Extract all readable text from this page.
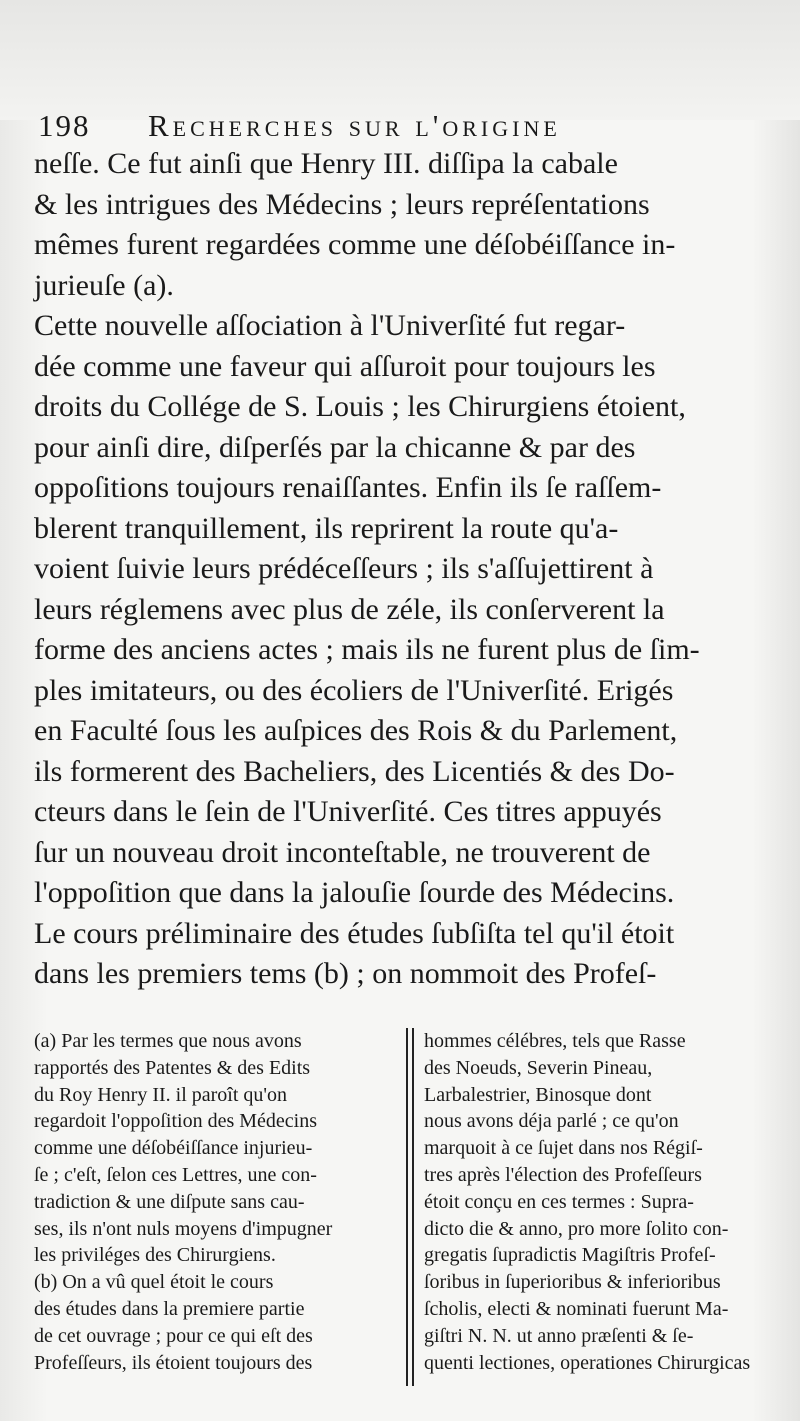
198 Recherches sur l'origine
neſſe. Ce fut ainſi que Henry III. diſſipa la cabale
& les intrigues des Médecins ; leurs repréſentations
mêmes furent regardées comme une déſobéiſſance in-
jurieuſe (a).
Cette nouvelle aſſociation à l'Univerſité fut regar-
dée comme une faveur qui aſſuroit pour toujours les
droits du Collége de S. Louis ; les Chirurgiens étoient,
pour ainſi dire, diſperſés par la chicanne & par des
oppoſitions toujours renaiſſantes. Enfin ils ſe raſſem-
blerent tranquillement, ils reprirent la route qu'a-
voient ſuivie leurs prédéceſſeurs ; ils s'aſſujettirent à
leurs réglemens avec plus de zéle, ils conſerverent la
forme des anciens actes ; mais ils ne furent plus de ſim-
ples imitateurs, ou des écoliers de l'Univerſité. Erigés
en Faculté ſous les auſpices des Rois & du Parlement,
ils formerent des Bacheliers, des Licentiés & des Do-
cteurs dans le ſein de l'Univerſité. Ces titres appuyés
ſur un nouveau droit inconteſtable, ne trouverent de
l'oppoſition que dans la jalouſie ſourde des Médecins.
Le cours préliminaire des études ſubſiſta tel qu'il étoit
dans les premiers tems (b) ; on nommoit des Profeſ-
(a) Par les termes que nous avons
rapportés des Patentes & des Edits
du Roy Henry II. il paroît qu'on
regardoit l'oppoſition des Médecins
comme une déſobéiſſance injurieu-
ſe ; c'eſt, ſelon ces Lettres, une con-
tradiction & une diſpute sans cau-
ses, ils n'ont nuls moyens d'impugner
les priviléges des Chirurgiens.
(b) On a vû quel étoit le cours
des études dans la premiere partie
de cet ouvrage ; pour ce qui eſt des
Profeſſeurs, ils étoient toujours des
hommes célébres, tels que Rasse
des Noeuds, Severin Pineau,
Larbalestrier, Binosque dont
nous avons déja parlé ; ce qu'on
marquoit à ce ſujet dans nos Régiſ-
tres après l'élection des Profeſſeurs
étoit conçu en ces termes : Supra-
dicto die & anno, pro more ſolito con-
gregatis ſupradictis Magiſtris Profeſ-
ſoribus in ſuperioribus & inferioribus
ſcholis, electi & nominati fuerunt Ma-
giſtri N. N. ut anno præſenti & ſe-
quenti lectiones, operationes Chirurgicas
